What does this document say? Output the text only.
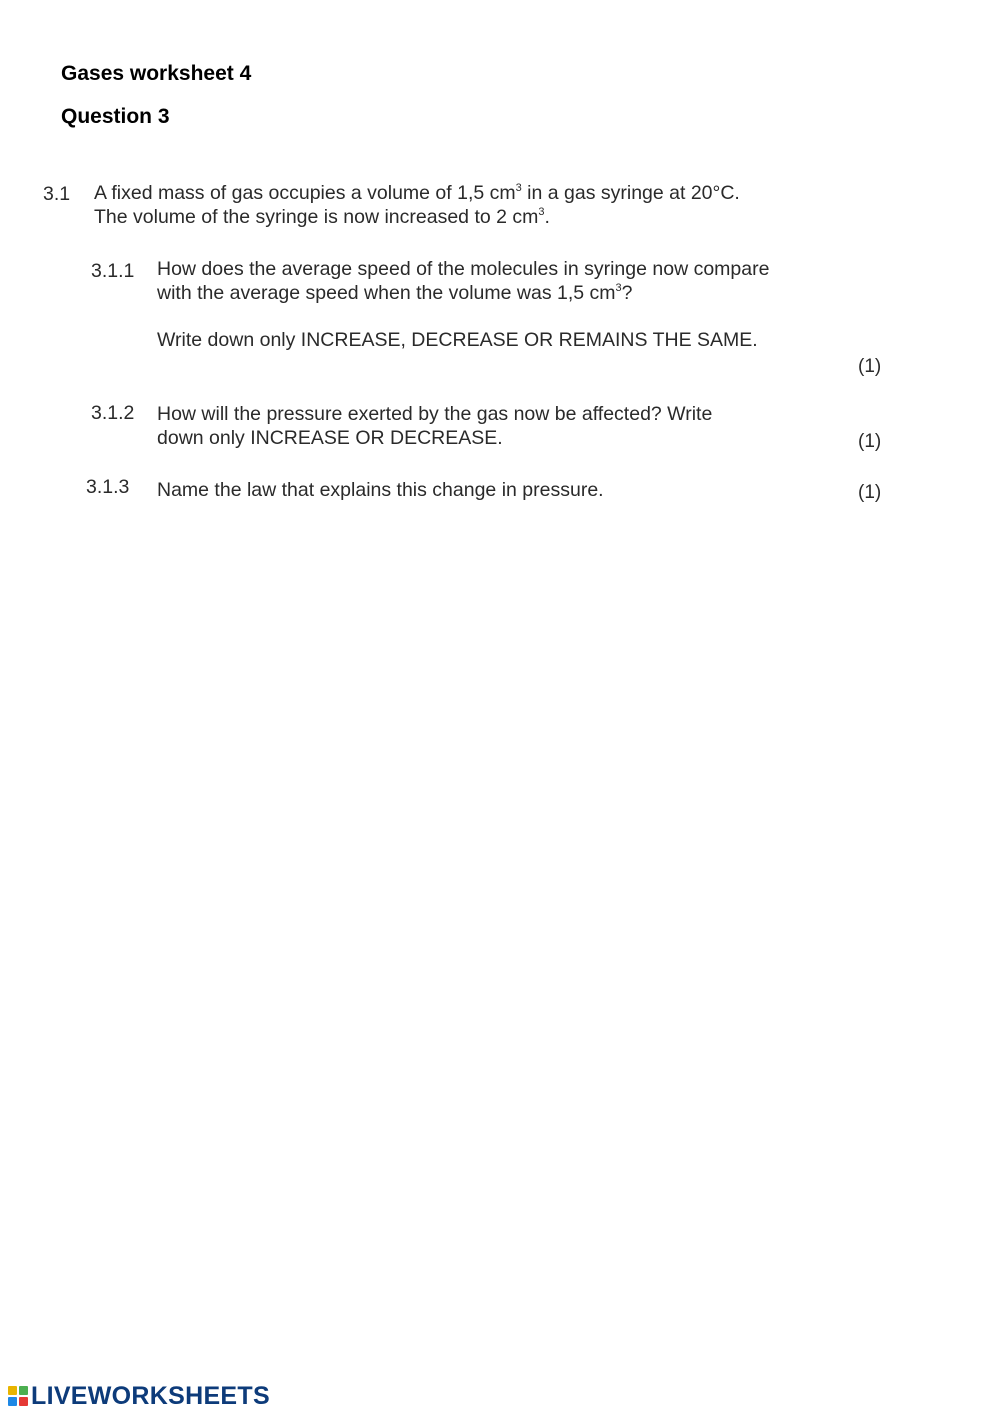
Gases worksheet 4
Question 3
3.1 A fixed mass of gas occupies a volume of 1,5 $cm^3$ in a gas syringe at 20°C.
The volume of the syringe is now increased to 2 $cm^3$.
3.1.1 How does the average speed of the molecules in syringe now compare
with the average speed when the volume was 1,5 $cm^3$?
Write down only INCREASE, DECREASE OR REMAINS THE SAME.
(1)
3.1.2 How will the pressure exerted by the gas now be affected? Write
down only INCREASE OR DECREASE.	(1)
3.1.3 Name the law that explains this change in pressure.	(1)
LIVEWORKSHEETS
